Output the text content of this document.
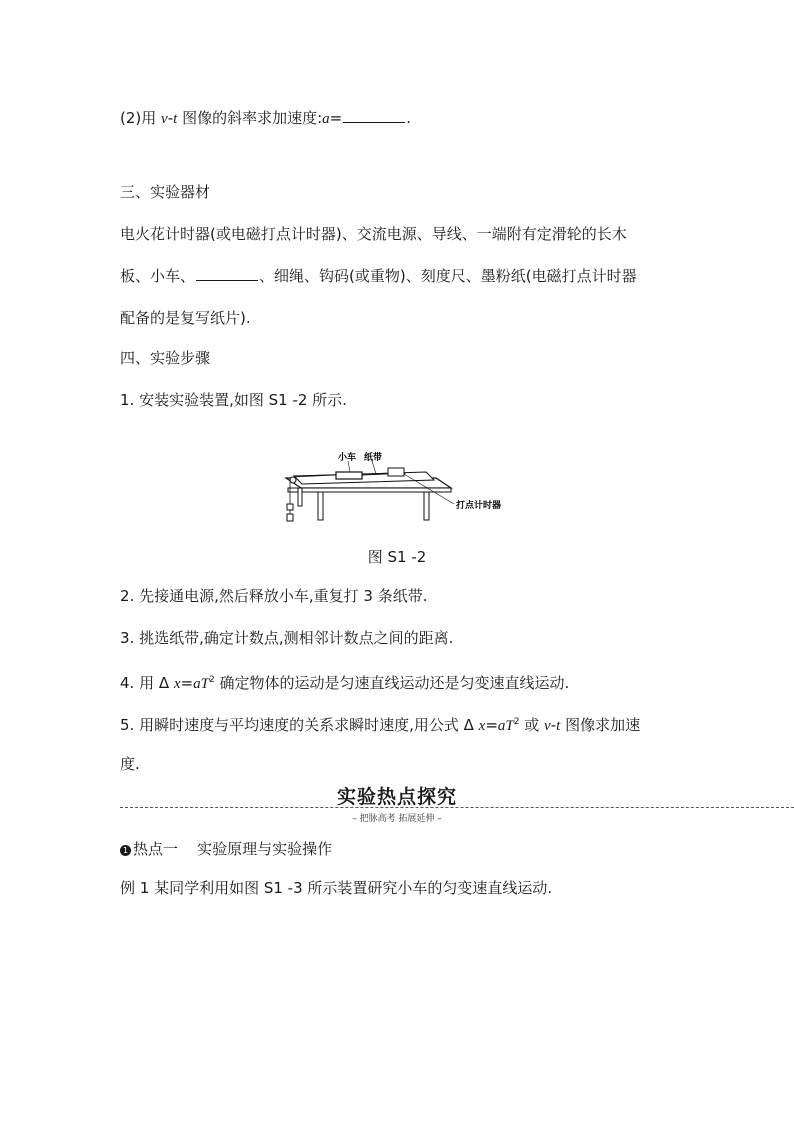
(2)用 v-t 图像的斜率求加速度:a=	.
三、实验器材
电火花计时器(或电磁打点计时器)、交流电源、导线、一端附有定滑轮的长木
板、小车、	、细绳、钩码(或重物)、刻度尺、墨粉纸(电磁打点计时器
配备的是复写纸片).
四、实验步骤
1. 安装实验装置,如图 S1 -2 所示.
小车 纸带
打点计时器
图 S1 -2
2. 先接通电源,然后释放小车,重复打 3 条纸带.
3. 挑选纸带,确定计数点,测相邻计数点之间的距离.
4. 用 Δ $x=aT^2$ 确定物体的运动是匀速直线运动还是匀变速直线运动.
5. 用瞬时速度与平均速度的关系求瞬时速度,用公式 Δ $x=aT^2$ 或 v-t 图像求加速
度.
实验热点探究
– 把脉高考 拓展延伸 –
1 热点一 实验原理与实验操作
例 1 某同学利用如图 S1 -3 所示装置研究小车的匀变速直线运动.
